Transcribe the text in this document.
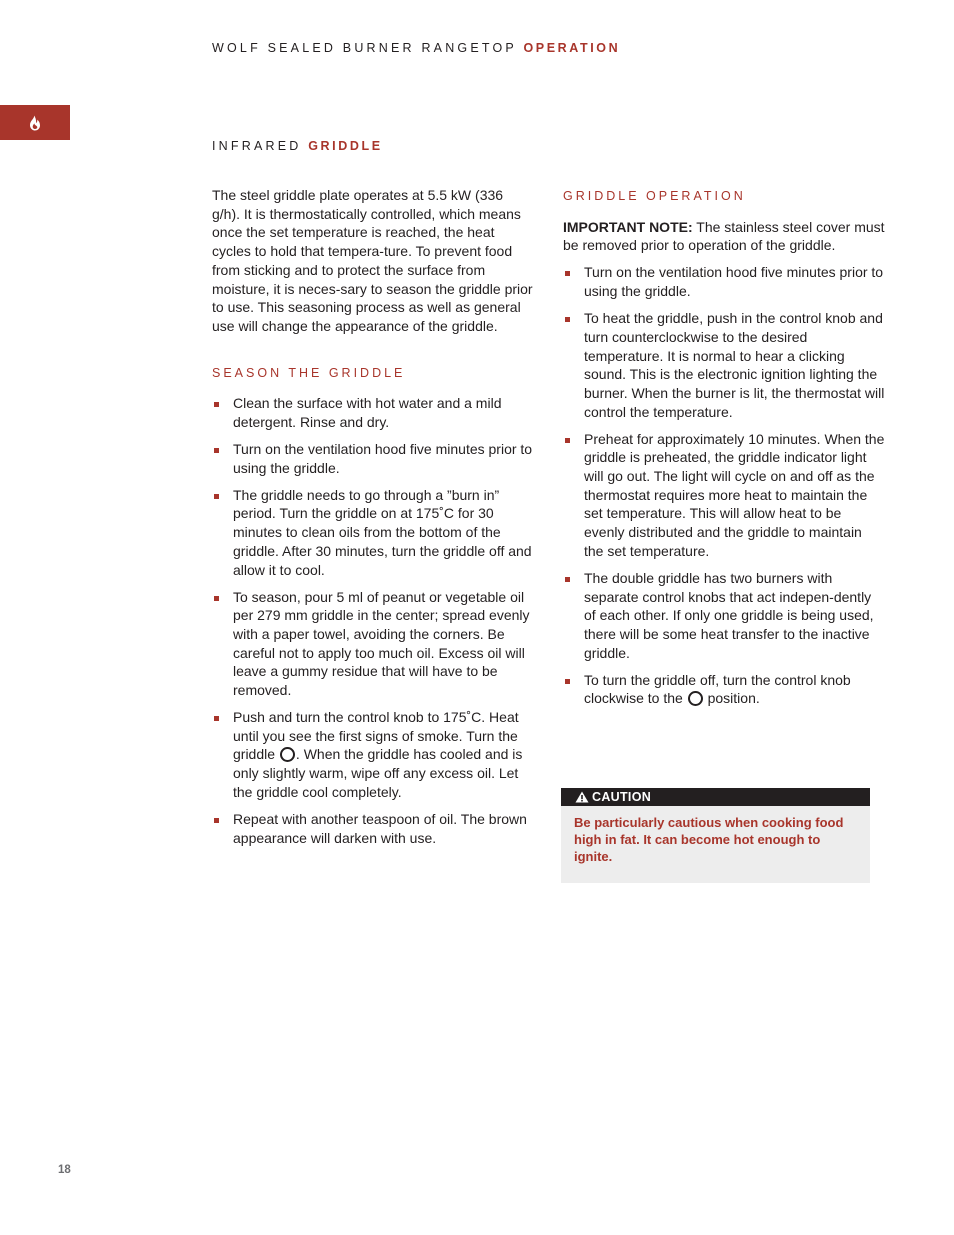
WOLF SEALED BURNER RANGETOP OPERATION
INFRARED GRIDDLE

The steel griddle plate operates at 5.5 kW (336 g/h). It is thermostatically controlled, which means once the set temperature is reached, the heat cycles to hold that tempera-ture. To prevent food from sticking and to protect the surface from moisture, it is neces-sary to season the griddle prior to use. This seasoning process as well as general use will change the appearance of the griddle.

SEASON THE GRIDDLE
Clean the surface with hot water and a mild detergent. Rinse and dry.
Turn on the ventilation hood five minutes prior to using the griddle.
The griddle needs to go through a ”burn in” period. Turn the griddle on at 175˚C for 30 minutes to clean oils from the bottom of the griddle. After 30 minutes, turn the griddle off and allow it to cool.
To season, pour 5 ml of peanut or vegetable oil per 279 mm griddle in the center; spread evenly with a paper towel, avoiding the corners. Be careful not to apply too much oil. Excess oil will leave a gummy residue that will have to be removed.
Push and turn the control knob to 175˚C. Heat until you see the first signs of smoke. Turn the griddle . When the griddle has cooled and is only slightly warm, wipe off any excess oil. Let the griddle cool completely.
Repeat with another teaspoon of oil. The brown appearance will darken with use.
GRIDDLE OPERATION

IMPORTANT NOTE: The stainless steel cover must be removed prior to operation of the griddle.

Turn on the ventilation hood five minutes prior to using the griddle.
To heat the griddle, push in the control knob and turn counterclockwise to the desired temperature. It is normal to hear a clicking sound. This is the electronic ignition lighting the burner. When the burner is lit, the thermostat will control the temperature.
Preheat for approximately 10 minutes. When the griddle is preheated, the griddle indicator light will go out. The light will cycle on and off as the thermostat requires more heat to maintain the set temperature. This will allow heat to be evenly distributed and the griddle to maintain the set temperature.
The double griddle has two burners with separate control knobs that act indepen-dently of each other. If only one griddle is being used, there will be some heat transfer to the inactive griddle.
To turn the griddle off, turn the control knob clockwise to the  position.
CAUTION
Be particularly cautious when cooking food high in fat. It can become hot enough to ignite.
18
